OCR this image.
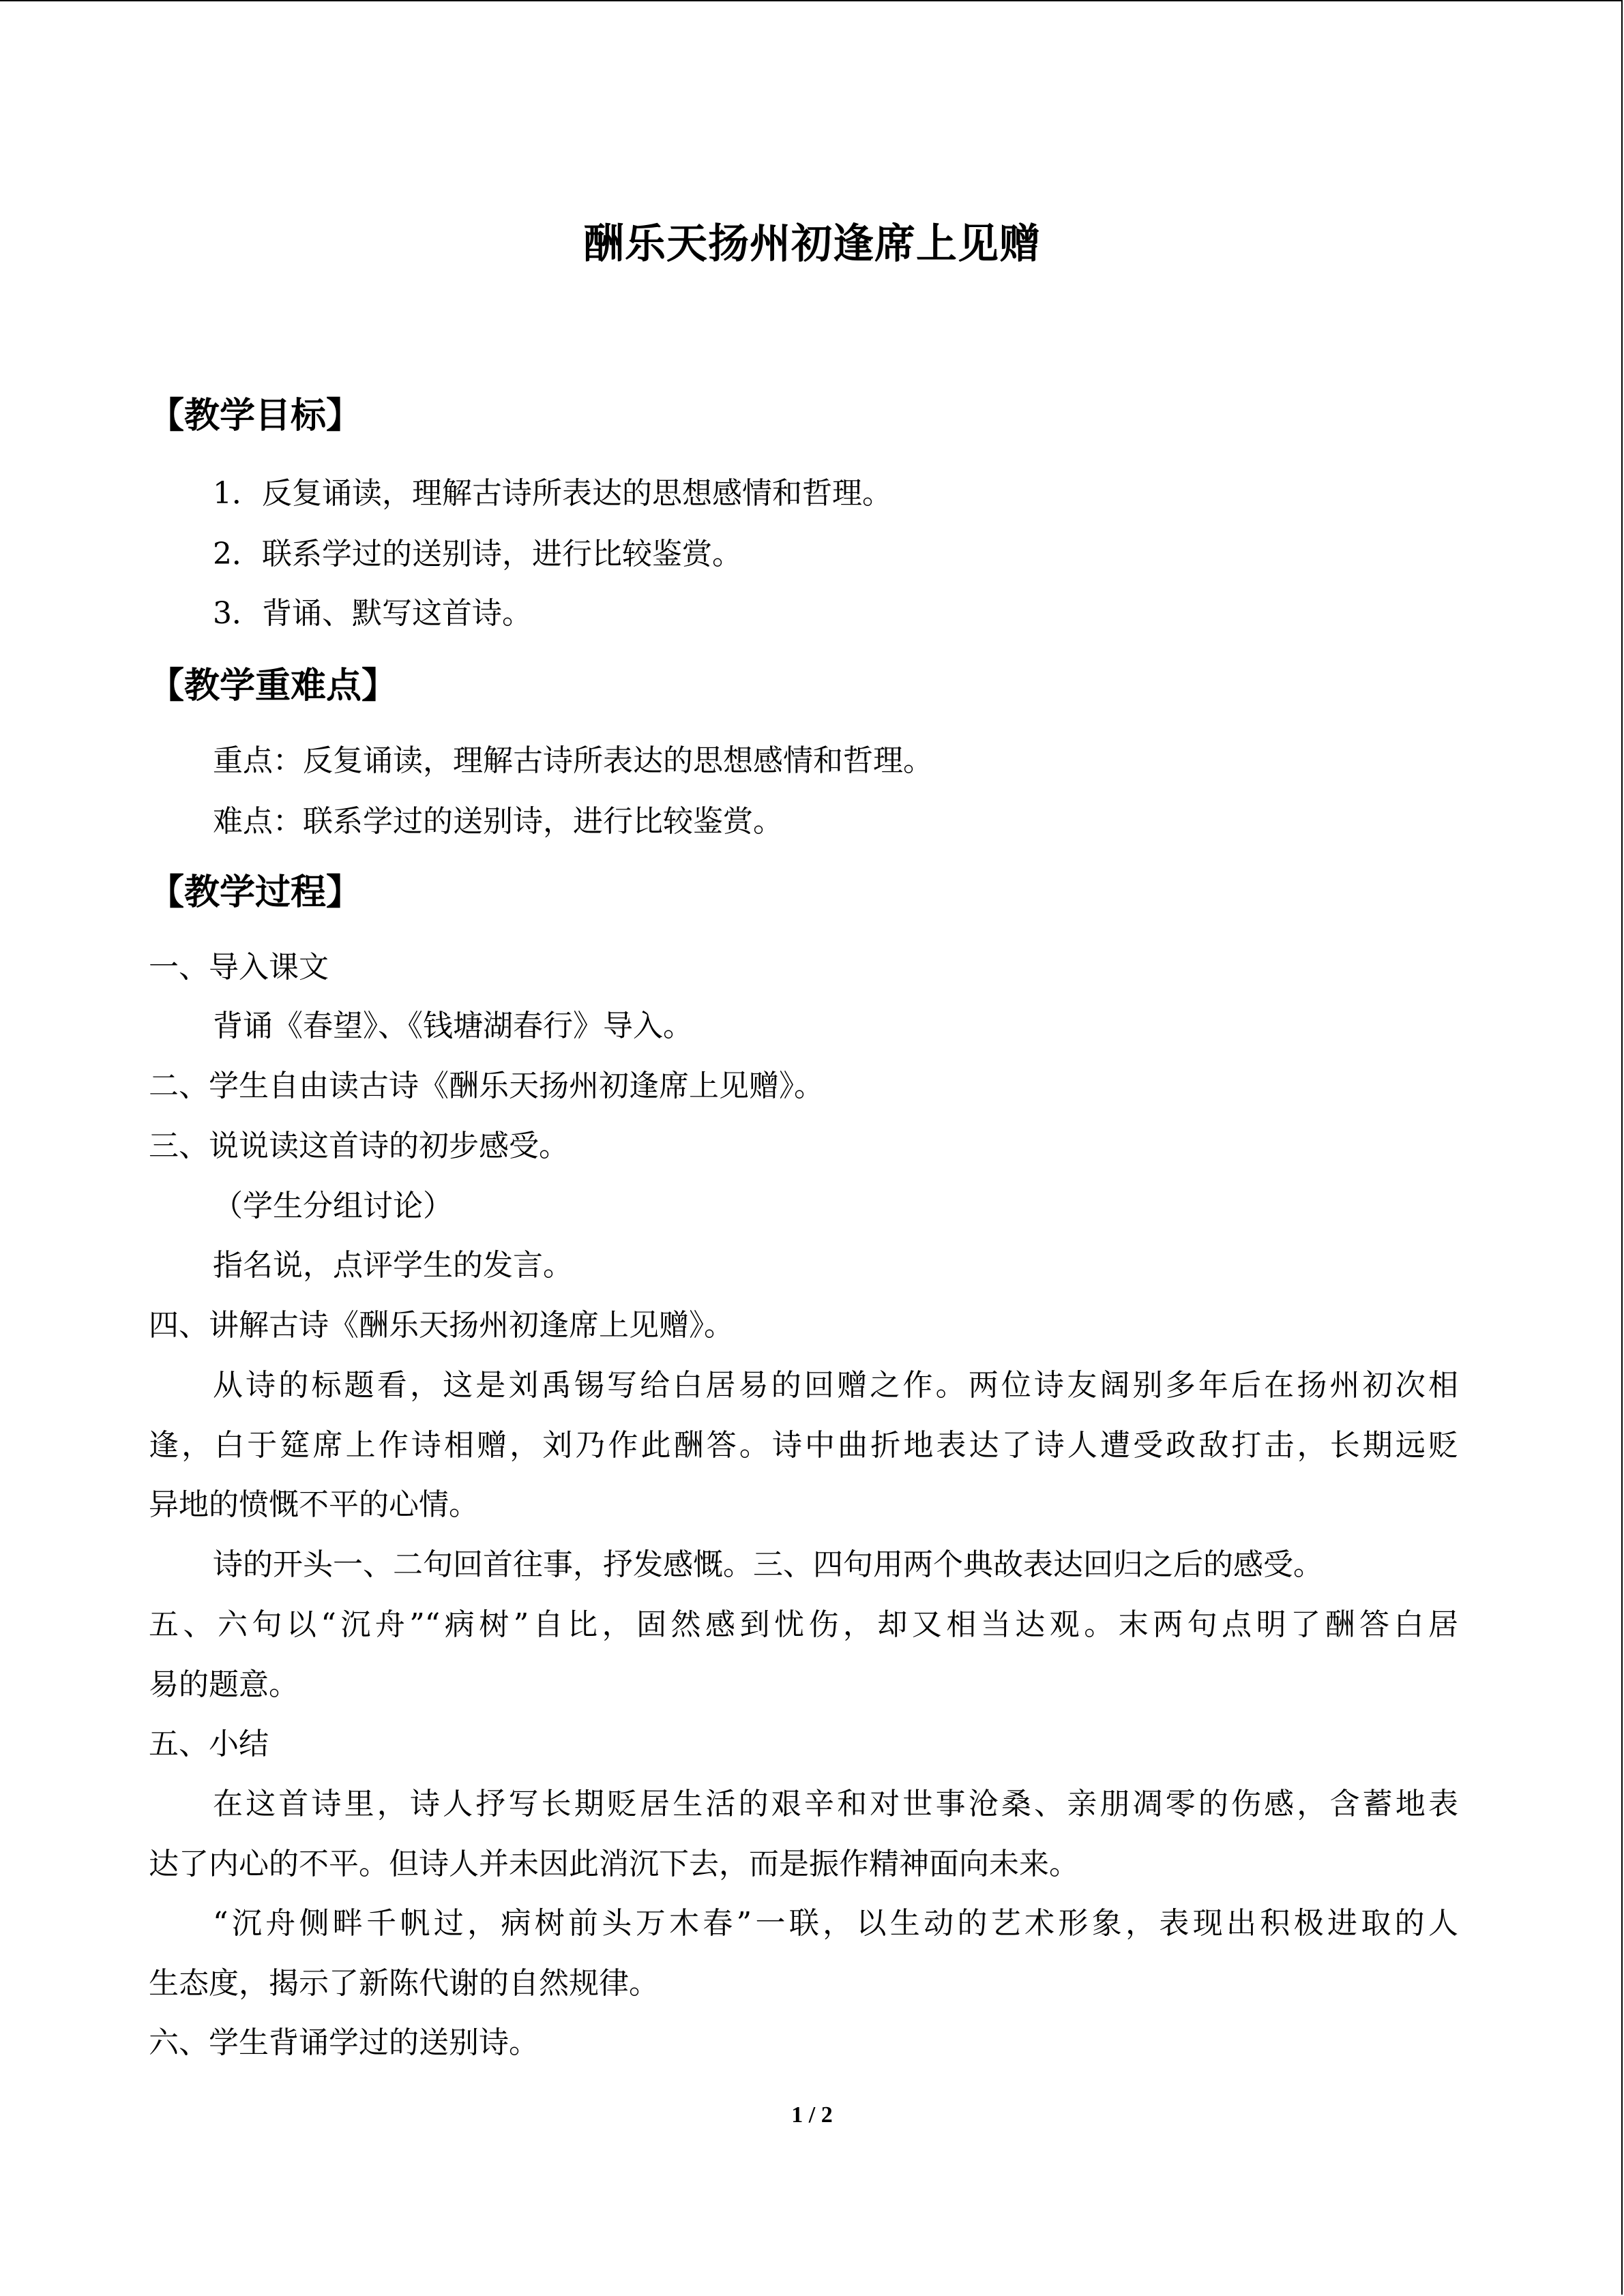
酬乐天扬州初逢席上见赠
【教学目标】
1．反复诵读，理解古诗所表达的思想感情和哲理。
2．联系学过的送别诗，进行比较鉴赏。
3．背诵、默写这首诗。
【教学重难点】
重点：反复诵读，理解古诗所表达的思想感情和哲理。
难点：联系学过的送别诗，进行比较鉴赏。
【教学过程】
一、导入课文
背诵《春望》、《钱塘湖春行》导入。
二、学生自由读古诗《酬乐天扬州初逢席上见赠》。
三、说说读这首诗的初步感受。
（学生分组讨论）
指名说，点评学生的发言。
四、讲解古诗《酬乐天扬州初逢席上见赠》。
从诗的标题看，这是刘禹锡写给白居易的回赠之作。两位诗友阔别多年后在扬州初次相
逢，白于筵席上作诗相赠，刘乃作此酬答。诗中曲折地表达了诗人遭受政敌打击，长期远贬
异地的愤慨不平的心情。
诗的开头一、二句回首往事，抒发感慨。三、四句用两个典故表达回归之后的感受。
五、六句以“沉舟”“病树”自比，固然感到忧伤，却又相当达观。末两句点明了酬答白居
易的题意。
五、小结
在这首诗里，诗人抒写长期贬居生活的艰辛和对世事沧桑、亲朋凋零的伤感，含蓄地表
达了内心的不平。但诗人并未因此消沉下去，而是振作精神面向未来。
“沉舟侧畔千帆过，病树前头万木春”一联，以生动的艺术形象，表现出积极进取的人
生态度，揭示了新陈代谢的自然规律。
六、学生背诵学过的送别诗。
1 / 2
